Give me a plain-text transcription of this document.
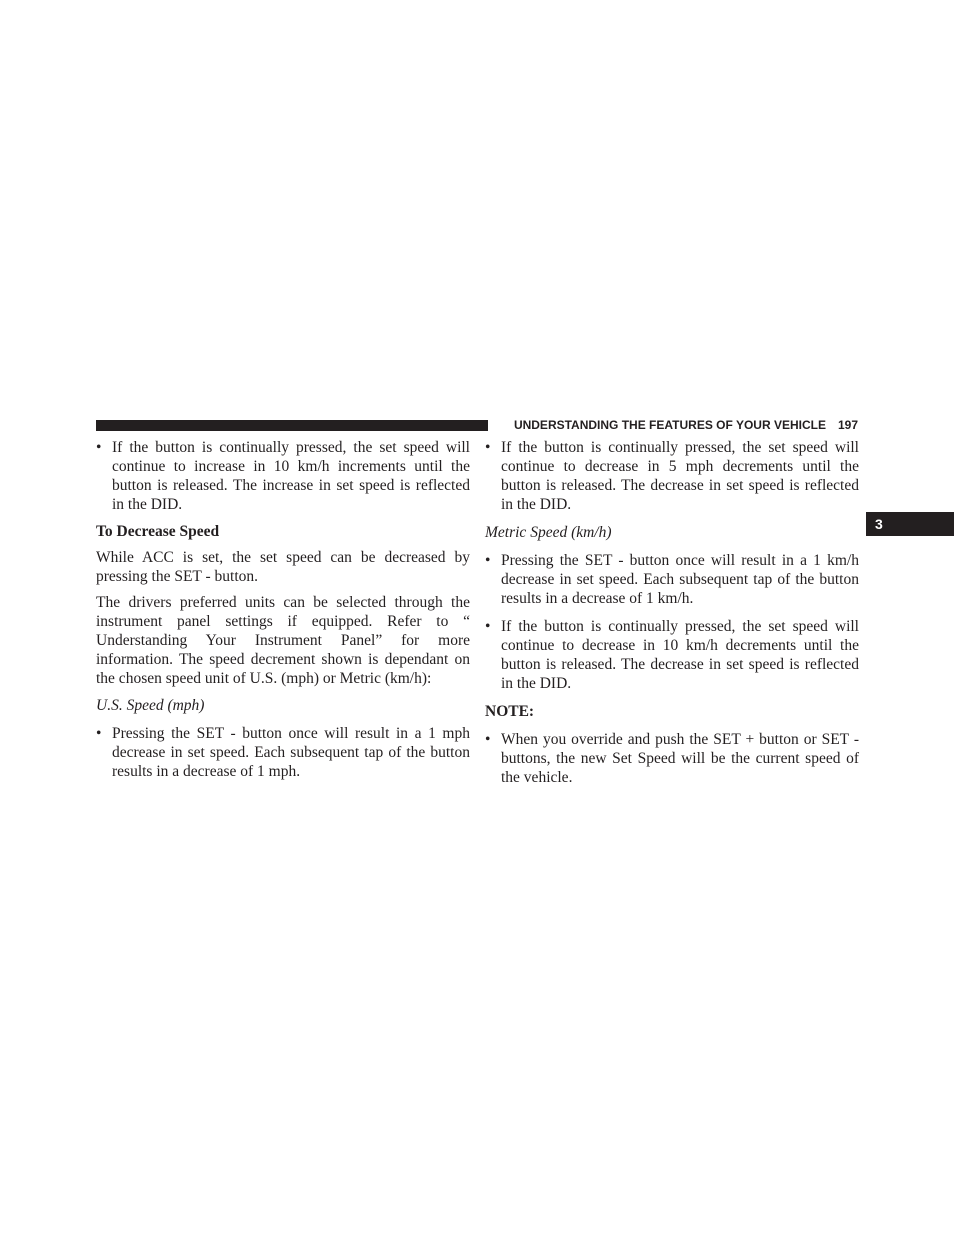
UNDERSTANDING THE FEATURES OF YOUR VEHICLE 197
3
• If the button is continually pressed, the set speed will continue to increase in 10 km/h increments until the button is released. The increase in set speed is reflected in the DID.

To Decrease Speed

While ACC is set, the set speed can be decreased by pressing the SET - button.

The drivers preferred units can be selected through the instrument panel settings if equipped. Refer to “ Understanding Your Instrument Panel” for more information. The speed decrement shown is dependant on the chosen speed unit of U.S. (mph) or Metric (km/h):

U.S. Speed (mph)

• Pressing the SET - button once will result in a 1 mph decrease in set speed. Each subsequent tap of the button results in a decrease of 1 mph.
• If the button is continually pressed, the set speed will continue to decrease in 5 mph decrements until the button is released. The decrease in set speed is reflected in the DID.

Metric Speed (km/h)

• Pressing the SET - button once will result in a 1 km/h decrease in set speed. Each subsequent tap of the button results in a decrease of 1 km/h.
• If the button is continually pressed, the set speed will continue to decrease in 10 km/h decrements until the button is released. The decrease in set speed is reflected in the DID.

NOTE:

• When you override and push the SET + button or SET - buttons, the new Set Speed will be the current speed of the vehicle.
